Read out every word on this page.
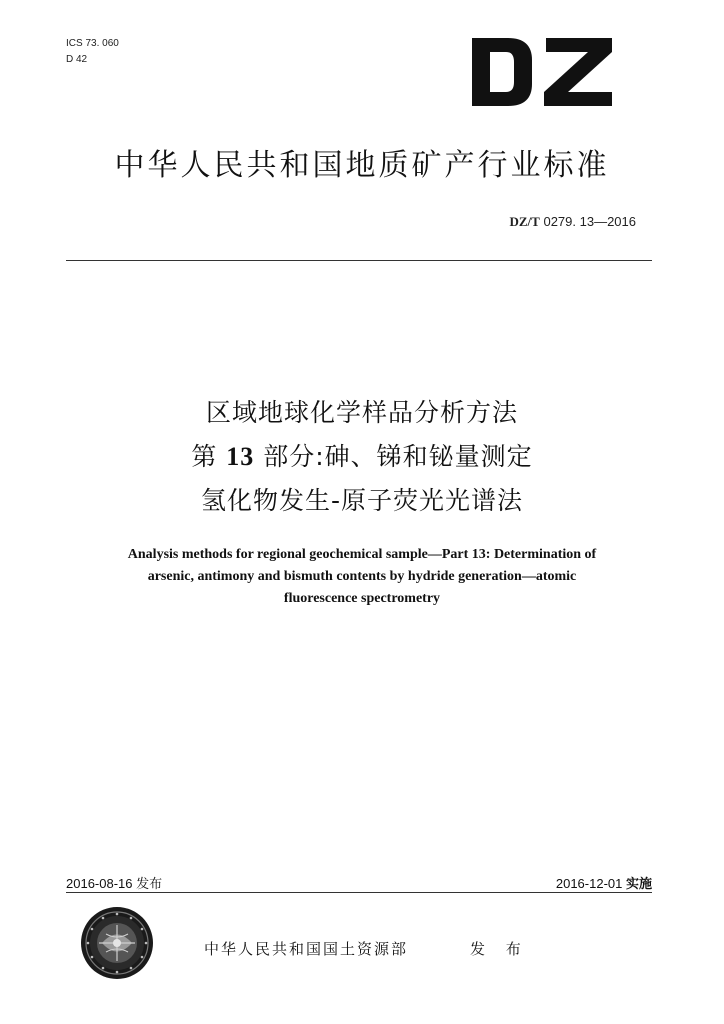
ICS 73. 060
D 42
中华人民共和国地质矿产行业标准
DZ/T 0279. 13—2016
区域地球化学样品分析方法
第 13 部分:砷、锑和铋量测定
氢化物发生-原子荧光光谱法
Analysis methods for regional geochemical sample—Part 13: Determination of
arsenic, antimony and bismuth contents by hydride generation—atomic
fluorescence spectrometry
2016-08-16 发布	2016-12-01 实施
中华人民共和国国土资源部	发 布
